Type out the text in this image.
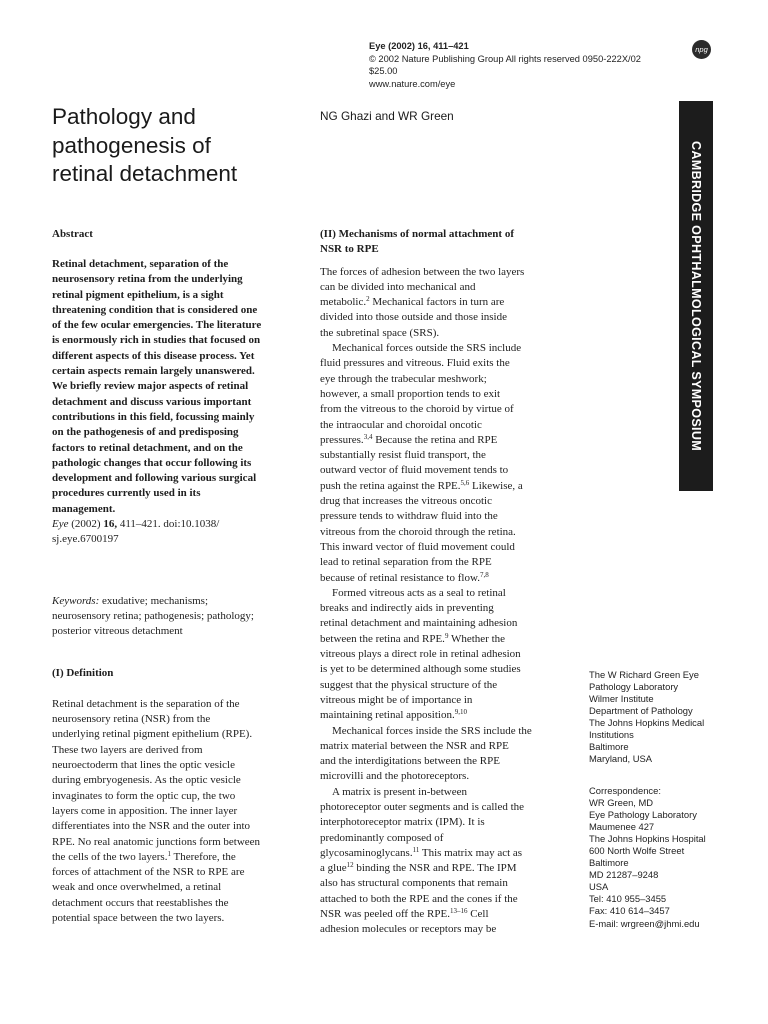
Eye (2002) 16, 411–421
© 2002 Nature Publishing Group All rights reserved 0950-222X/02 $25.00
www.nature.com/eye
npg
Pathology and
pathogenesis of
retinal detachment
NG Ghazi and WR Green
CAMBRIDGE OPHTHALMOLOGICAL SYMPOSIUM
Abstract
Retinal detachment, separation of the
neurosensory retina from the underlying
retinal pigment epithelium, is a sight
threatening condition that is considered one
of the few ocular emergencies. The literature
is enormously rich in studies that focused on
different aspects of this disease process. Yet
certain aspects remain largely unanswered.
We briefly review major aspects of retinal
detachment and discuss various important
contributions in this field, focussing mainly
on the pathogenesis of and predisposing
factors to retinal detachment, and on the
pathologic changes that occur following its
development and following various surgical
procedures currently used in its
management.
Eye (2002) 16, 411–421. doi:10.1038/
sj.eye.6700197
Keywords: exudative; mechanisms;
neurosensory retina; pathogenesis; pathology;
posterior vitreous detachment
(I) Definition
Retinal detachment is the separation of the
neurosensory retina (NSR) from the
underlying retinal pigment epithelium (RPE).
These two layers are derived from
neuroectoderm that lines the optic vesicle
during embryogenesis. As the optic vesicle
invaginates to form the optic cup, the two
layers come in apposition. The inner layer
differentiates into the NSR and the outer into
RPE. No real anatomic junctions form between
the cells of the two layers.$^1$ Therefore, the
forces of attachment of the NSR to RPE are
weak and once overwhelmed, a retinal
detachment occurs that reestablishes the
potential space between the two layers.
(II) Mechanisms of normal attachment of
NSR to RPE
The forces of adhesion between the two layers
can be divided into mechanical and
metabolic.$^2$ Mechanical factors in turn are
divided into those outside and those inside
the subretinal space (SRS).
Mechanical forces outside the SRS include
fluid pressures and vitreous. Fluid exits the
eye through the trabecular meshwork;
however, a small proportion tends to exit
from the vitreous to the choroid by virtue of
the intraocular and choroidal oncotic
pressures.$^{3,4}$ Because the retina and RPE
substantially resist fluid transport, the
outward vector of fluid movement tends to
push the retina against the RPE.$^{5,6}$ Likewise, a
drug that increases the vitreous oncotic
pressure tends to withdraw fluid into the
vitreous from the choroid through the retina.
This inward vector of fluid movement could
lead to retinal separation from the RPE
because of retinal resistance to flow.$^{7,8}$
Formed vitreous acts as a seal to retinal
breaks and indirectly aids in preventing
retinal detachment and maintaining adhesion
between the retina and RPE.$^9$ Whether the
vitreous plays a direct role in retinal adhesion
is yet to be determined although some studies
suggest that the physical structure of the
vitreous might be of importance in
maintaining retinal apposition.$^{9,10}$
Mechanical forces inside the SRS include the
matrix material between the NSR and RPE
and the interdigitations between the RPE
microvilli and the photoreceptors.
A matrix is present in-between
photoreceptor outer segments and is called the
interphotoreceptor matrix (IPM). It is
predominantly composed of
glycosaminoglycans.$^{11}$ This matrix may act as
a glue$^{12}$ binding the NSR and RPE. The IPM
also has structural components that remain
attached to both the RPE and the cones if the
NSR was peeled off the RPE.$^{13-16}$ Cell
adhesion molecules or receptors may be
The W Richard Green Eye
Pathology Laboratory
Wilmer Institute
Department of Pathology
The Johns Hopkins Medical
Institutions
Baltimore
Maryland, USA
Correspondence:
WR Green, MD
Eye Pathology Laboratory
Maumenee 427
The Johns Hopkins Hospital
600 North Wolfe Street
Baltimore
MD 21287–9248
USA
Tel: 410 955–3455
Fax: 410 614–3457
E-mail: wrgreen@jhmi.edu
